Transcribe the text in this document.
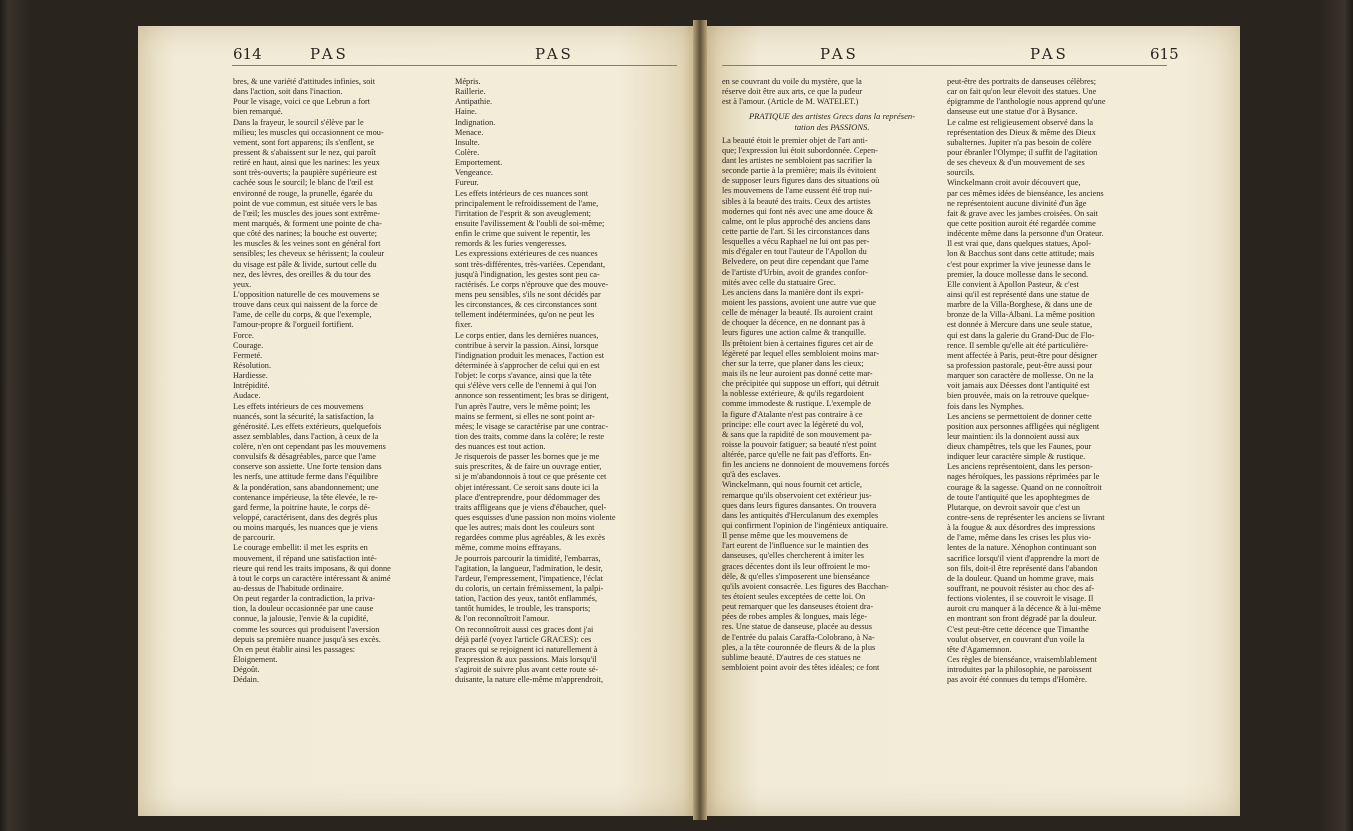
614	PAS	PAS	PAS	PAS	615
bres, & une variété d'attitudes infinies, soit
dans l'action, soit dans l'inaction.
Pour le visage, voici ce que Lebrun a fort
bien remarqué.
Dans la frayeur, le sourcil s'élève par le
milieu; les muscles qui occasionnent ce mou-
vement, sont fort apparens; ils s'enflent, se
pressent & s'abaissent sur le nez, qui paroît
retiré en haut, ainsi que les narines: les yeux
sont très-ouverts; la paupière supérieure est
cachée sous le sourcil; le blanc de l'œil est
environné de rouge, la prunelle, égarée du
point de vue commun, est située vers le bas
de l'œil; les muscles des joues sont extrême-
ment marqués, & forment une pointe de cha-
que côté des narines; la bouche est ouverte;
les muscles & les veines sont en général fort
sensibles; les cheveux se hérissent; la couleur
du visage est pâle & livide, surtout celle du
nez, des lèvres, des oreilles & du tour des
yeux.
L'opposition naturelle de ces mouvemens se
trouve dans ceux qui naissent de la force de
l'ame, de celle du corps, & que l'exemple,
l'amour-propre & l'orgueil fortifient.
Force.
Courage.
Fermeté.
Résolution.
Hardiesse.
Intrépidité.
Audace.
Les effets intérieurs de ces mouvemens
nuancés, sont la sécurité, la satisfaction, la
générosité. Les effets extérieurs, quelquefois
assez semblables, dans l'action, à ceux de la
colère, n'en ont cependant pas les mouvemens
convulsifs & désagréables, parce que l'ame
conserve son assiette. Une forte tension dans
les nerfs, une attitude ferme dans l'équilibre
& la pondération, sans abandonnement; une
contenance impérieuse, la tête élevée, le re-
gard ferme, la poitrine haute, le corps dé-
veloppé, caractérisent, dans des degrés plus
ou moins marqués, les nuances que je viens
de parcourir.
Le courage embellit: il met les esprits en
mouvement, il répand une satisfaction inté-
rieure qui rend les traits imposans, & qui donne
à tout le corps un caractère intéressant & animé
au-dessus de l'habitude ordinaire.
On peut regarder la contradiction, la priva-
tion, la douleur occasionnée par une cause
connue, la jalousie, l'envie & la cupidité,
comme les sources qui produisent l'aversion
depuis sa première nuance jusqu'à ses excès.
On en peut établir ainsi les passages:
Éloignement.
Dégoût.
Dédain.
Mépris.
Raillerie.
Antipathie.
Haine.
Indignation.
Menace.
Insulte.
Colère.
Emportement.
Vengeance.
Fureur.
Les effets intérieurs de ces nuances sont
principalement le refroidissement de l'ame,
l'irritation de l'esprit & son aveuglement;
ensuite l'avilissement & l'oubli de soi-même;
enfin le crime que suivent le repentir, les
remords & les furies vengeresses.
Les expressions extérieures de ces nuances
sont très-différentes, très-variées. Cependant,
jusqu'à l'indignation, les gestes sont peu ca-
ractérisés. Le corps n'éprouve que des mouve-
mens peu sensibles, s'ils ne sont décidés par
les circonstances, & ces circonstances sont
tellement indéterminées, qu'on ne peut les
fixer.
Le corps entier, dans les dernières nuances,
contribue à servir la passion. Ainsi, lorsque
l'indignation produit les menaces, l'action est
déterminée à s'approcher de celui qui en est
l'objet: le corps s'avance, ainsi que la tête
qui s'élève vers celle de l'ennemi à qui l'on
annonce son ressentiment; les bras se dirigent,
l'un après l'autre, vers le même point; les
mains se ferment, si elles ne sont point ar-
mées; le visage se caractérise par une contrac-
tion des traits, comme dans la colère; le reste
des nuances est tout action.
Je risquerois de passer les bornes que je me
suis prescrites, & de faire un ouvrage entier,
si je m'abandonnois à tout ce que présente cet
objet intéressant. Ce seroit sans doute ici la
place d'entreprendre, pour dédommager des
traits affligeans que je viens d'ébaucher, quel-
ques esquisses d'une passion non moins violente
que les autres; mais dont les couleurs sont
regardées comme plus agréables, & les excès
même, comme moins effrayans.
Je pourrois parcourir la timidité, l'embarras,
l'agitation, la langueur, l'admiration, le desir,
l'ardeur, l'empressement, l'impatience, l'éclat
du coloris, un certain frémissement, la palpi-
tation, l'action des yeux, tantôt enflammés,
tantôt humides, le trouble, les transports;
& l'on reconnoîtroit l'amour.
On reconnoîtroit aussi ces graces dont j'ai
déjà parlé (voyez l'article GRACES): ces
graces qui se rejoignent ici naturellement à
l'expression & aux passions. Mais lorsqu'il
s'agiroit de suivre plus avant cette route sé-
duisante, la nature elle-même m'apprendroit,
en se couvrant du voile du mystère, que la
réserve doit être aux arts, ce que la pudeur
est à l'amour. (Article de M. WATELET.)
PRATIQUE des artistes Grecs dans la représen-
tation des PASSIONS.
La beauté étoit le premier objet de l'art anti-
que; l'expression lui étoit subordonnée. Cepen-
dant les artistes ne sembloient pas sacrifier la
seconde partie à la première; mais ils évitoient
de supposer leurs figures dans des situations où
les mouvemens de l'ame eussent été trop nui-
sibles à la beauté des traits. Ceux des artistes
modernes qui font nés avec une ame douce &
calme, ont le plus approché des anciens dans
cette partie de l'art. Si les circonstances dans
lesquelles a vécu Raphael ne lui ont pas per-
mis d'égaler en tout l'auteur de l'Apollon du
Belvedere, on peut dire cependant que l'ame
de l'artiste d'Urbin, avoit de grandes confor-
mités avec celle du statuaire Grec.
Les anciens dans la manière dont ils expri-
moient les passions, avoient une autre vue que
celle de ménager la beauté. Ils auroient craint
de choquer la décence, en ne donnant pas à
leurs figures une action calme & tranquille.
Ils prêtoient bien à certaines figures cet air de
légèreté par lequel elles sembloient moins mar-
cher sur la terre, que planer dans les cieux;
mais ils ne leur auroient pas donné cette mar-
che précipitée qui suppose un effort, qui détruit
la noblesse extérieure, & qu'ils regardoient
comme immodeste & rustique. L'exemple de
la figure d'Atalante n'est pas contraire à ce
principe: elle court avec la légèreté du vol,
& sans que la rapidité de son mouvement pa-
roisse la pouvoir fatiguer; sa beauté n'est point
altérée, parce qu'elle ne fait pas d'efforts. En-
fin les anciens ne donnoient de mouvemens forcés
qu'à des esclaves.
Winckelmann, qui nous fournit cet article,
remarque qu'ils observoient cet extérieur jus-
ques dans leurs figures dansantes. On trouvera
dans les antiquités d'Herculanum des exemples
qui confirment l'opinion de l'ingénieux antiquaire.
Il pense même que les mouvemens de
l'art eurent de l'influence sur le maintien des
danseuses, qu'elles chercherent à imiter les
graces décentes dont ils leur offroient le mo-
dèle, & qu'elles s'imposerent une bienséance
qu'ils avoient consacrée. Les figures des Bacchan-
tes étoient seules exceptées de cette loi. On
peut remarquer que les danseuses étoient dra-
pées de robes amples & longues, mais lége-
res. Une statue de danseuse, placée au dessus
de l'entrée du palais Caraffa-Colobrano, à Na-
ples, a la tête couronnée de fleurs & de la plus
sublime beauté. D'autres de ces statues ne
sembloient point avoir des têtes idéales; ce font
peut-être des portraits de danseuses célèbres;
car on fait qu'on leur élevoit des statues. Une
épigramme de l'anthologie nous apprend qu'une
danseuse eut une statue d'or à Bysance.
Le calme est religieusement observé dans la
représentation des Dieux & même des Dieux
subalternes. Jupiter n'a pas besoin de colère
pour ébranler l'Olympe; il suffit de l'agitation
de ses cheveux & d'un mouvement de ses
sourcils.
Winckelmann croit avoir découvert que,
par ces mêmes idées de bienséance, les anciens
ne représentoient aucune divinité d'un âge
fait & grave avec les jambes croisées. On sait
que cette position auroit été regardée comme
indécente même dans la personne d'un Orateur.
Il est vrai que, dans quelques statues, Apol-
lon & Bacchus sont dans cette attitude; mais
c'est pour exprimer la vive jeunesse dans le
premier, la douce mollesse dans le second.
Elle convient à Apollon Pasteur, & c'est
ainsi qu'il est représenté dans une statue de
marbre de la Villa-Borghese, & dans une de
bronze de la Villa-Albani. La même position
est donnée à Mercure dans une seule statue,
qui est dans la galerie du Grand-Duc de Flo-
rence. Il semble qu'elle ait été particulière-
ment affectée à Paris, peut-être pour désigner
sa profession pastorale, peut-être aussi pour
marquer son caractère de mollesse. On ne la
voit jamais aux Déesses dont l'antiquité est
bien prouvée, mais on la retrouve quelque-
fois dans les Nymphes.
Les anciens se permettoient de donner cette
position aux personnes affligées qui négligent
leur maintien: ils la donnoient aussi aux
dieux champêtres, tels que les Faunes, pour
indiquer leur caractère simple & rustique.
Les anciens représentoient, dans les person-
nages héroïques, les passions réprimées par le
courage & la sagesse. Quand on ne connoîtroit
de toute l'antiquité que les apophtegmes de
Plutarque, on devroit savoir que c'est un
contre-sens de représenter les anciens se livrant
à la fougue & aux désordres des impressions
de l'ame, même dans les crises les plus vio-
lentes de la nature. Xénophon continuant son
sacrifice lorsqu'il vient d'apprendre la mort de
son fils, doit-il être représenté dans l'abandon
de la douleur. Quand un homme grave, mais
souffrant, ne pouvoit résister au choc des af-
fections violentes, il se couvroit le visage. Il
auroit cru manquer à la décence & à lui-même
en montrant son front dégradé par la douleur.
C'est peut-être cette décence que Timanthe
voulut observer, en couvrant d'un voile la
tête d'Agamemnon.
Ces règles de bienséance, vraisemblablement
introduites par la philosophie, ne paroissent
pas avoir été connues du temps d'Homère.
